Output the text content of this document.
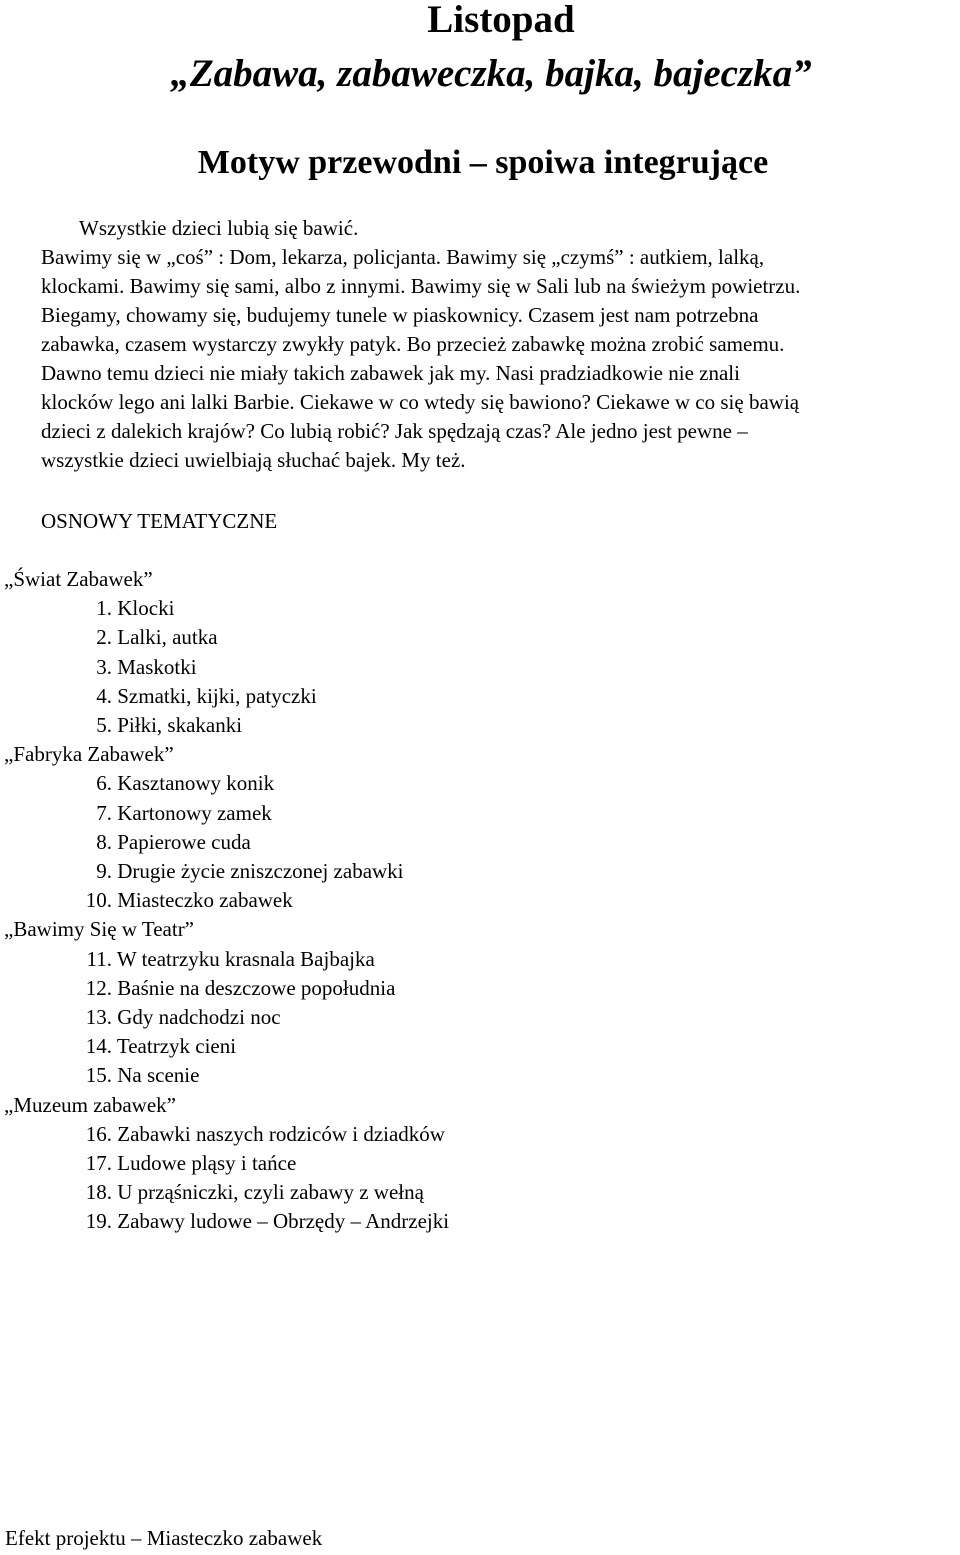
Listopad
„Zabawa, zabaweczka, bajka, bajeczka”
Motyw przewodni – spoiwa integrujące
Wszystkie dzieci lubią się bawić.
Bawimy się w „coś” : Dom, lekarza, policjanta. Bawimy się „czymś” : autkiem, lalką,
klockami. Bawimy się sami, albo z innymi. Bawimy się w Sali lub na świeżym powietrzu.
Biegamy, chowamy się, budujemy tunele w piaskownicy. Czasem jest nam potrzebna
zabawka, czasem wystarczy zwykły patyk. Bo przecież zabawkę można zrobić samemu.
Dawno temu dzieci nie miały takich zabawek jak my. Nasi pradziadkowie nie znali
klocków lego ani lalki Barbie. Ciekawe w co wtedy się bawiono? Ciekawe w co się bawią
dzieci z dalekich krajów? Co lubią robić? Jak spędzają czas? Ale jedno jest pewne –
wszystkie dzieci uwielbiają słuchać bajek. My też.
OSNOWY TEMATYCZNE
„Świat Zabawek”
1. Klocki
2. Lalki, autka
3. Maskotki
4. Szmatki, kijki, patyczki
5. Piłki, skakanki
„Fabryka Zabawek”
6. Kasztanowy konik
7. Kartonowy zamek
8. Papierowe cuda
9. Drugie życie zniszczonej zabawki
10. Miasteczko zabawek
„Bawimy Się w Teatr”
11. W teatrzyku krasnala Bajbajka
12. Baśnie na deszczowe popołudnia
13. Gdy nadchodzi noc
14. Teatrzyk cieni
15. Na scenie
„Muzeum zabawek”
16. Zabawki naszych rodziców i dziadków
17. Ludowe pląsy i tańce
18. U prząśniczki, czyli zabawy z wełną
19. Zabawy ludowe – Obrzędy – Andrzejki
Efekt projektu – Miasteczko zabawek
